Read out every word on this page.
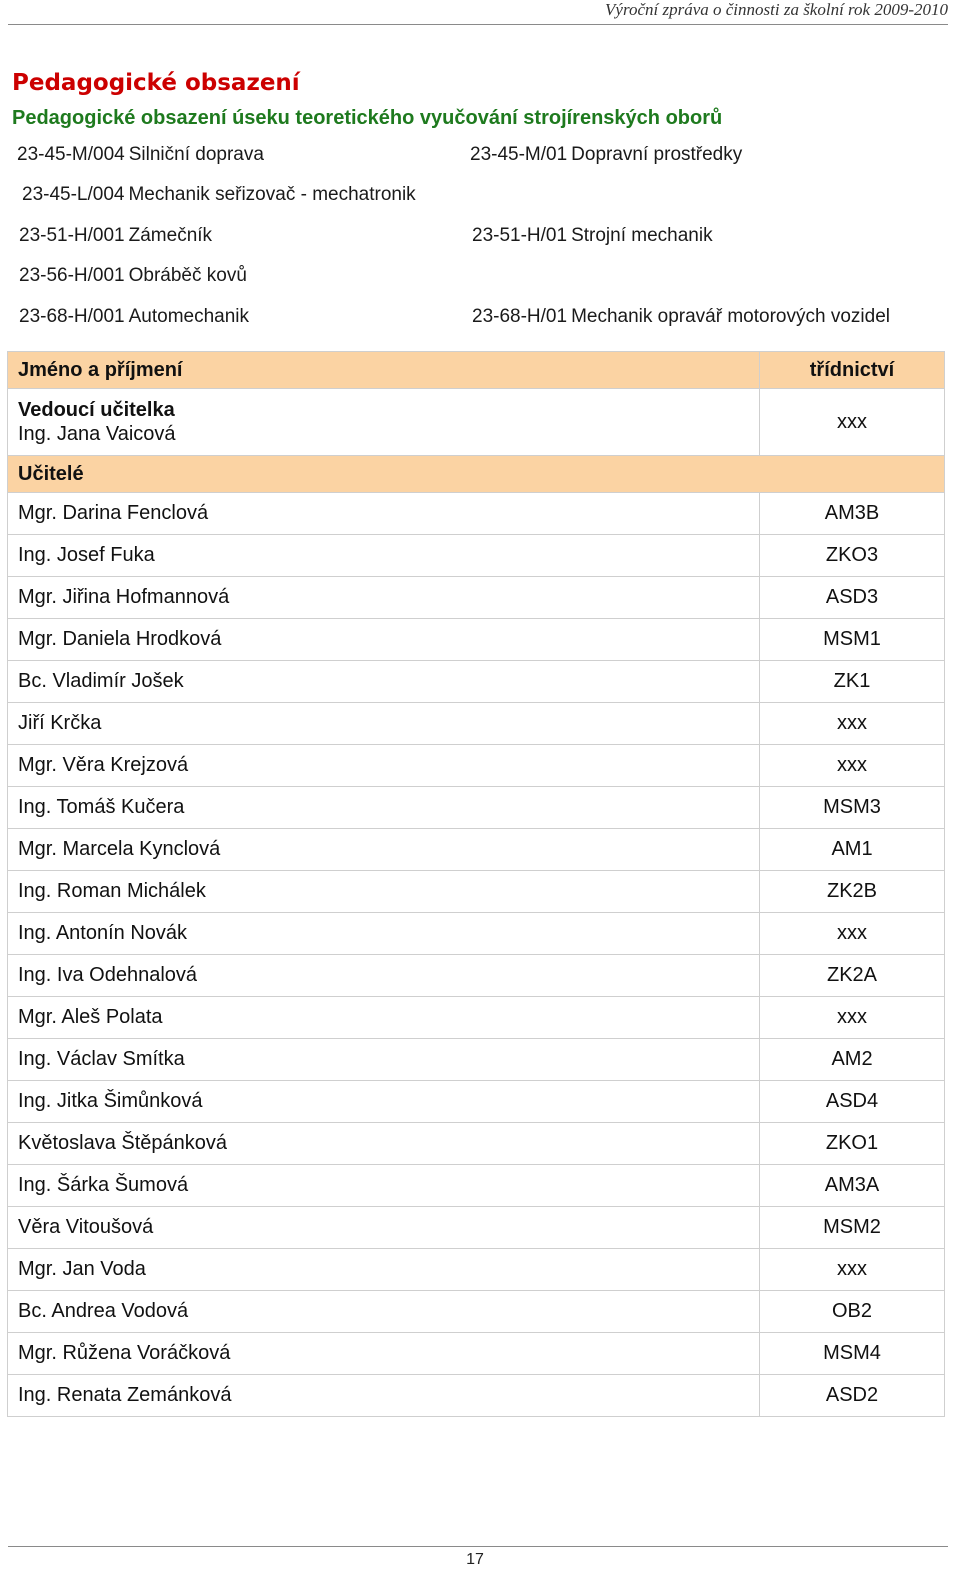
Výroční zpráva o činnosti za školní rok 2009-2010
Pedagogické obsazení
Pedagogické obsazení úseku teoretického vyučování strojírenských oborů
23-45-M/004 Silniční doprava	23-45-M/01 Dopravní prostředky
23-45-L/004 Mechanik seřizovač - mechatronik
23-51-H/001 Zámečník	23-51-H/01 Strojní mechanik
23-56-H/001 Obráběč kovů
23-68-H/001 Automechanik	23-68-H/01 Mechanik opravář motorových vozidel
Jméno a příjmení	třídnictví

Vedoucí učitelka
Ing. Jana Vaicová	xxx
Učitelé	
Mgr. Darina Fenclová	AM3B
Ing. Josef Fuka	ZKO3
Mgr. Jiřina Hofmannová	ASD3
Mgr. Daniela Hrodková	MSM1
Bc. Vladimír Jošek	ZK1
Jiří Krčka	xxx
Mgr. Věra Krejzová	xxx
Ing. Tomáš Kučera	MSM3
Mgr. Marcela Kynclová	AM1
Ing. Roman Michálek	ZK2B
Ing. Antonín Novák	xxx
Ing. Iva Odehnalová	ZK2A
Mgr. Aleš Polata	xxx
Ing. Václav Smítka	AM2
Ing. Jitka Šimůnková	ASD4
Květoslava Štěpánková	ZKO1
Ing. Šárka Šumová	AM3A
Věra Vitoušová	MSM2
Mgr. Jan Voda	xxx
Bc. Andrea Vodová	OB2
Mgr. Růžena Voráčková	MSM4
Ing. Renata Zemánková	ASD2
17
